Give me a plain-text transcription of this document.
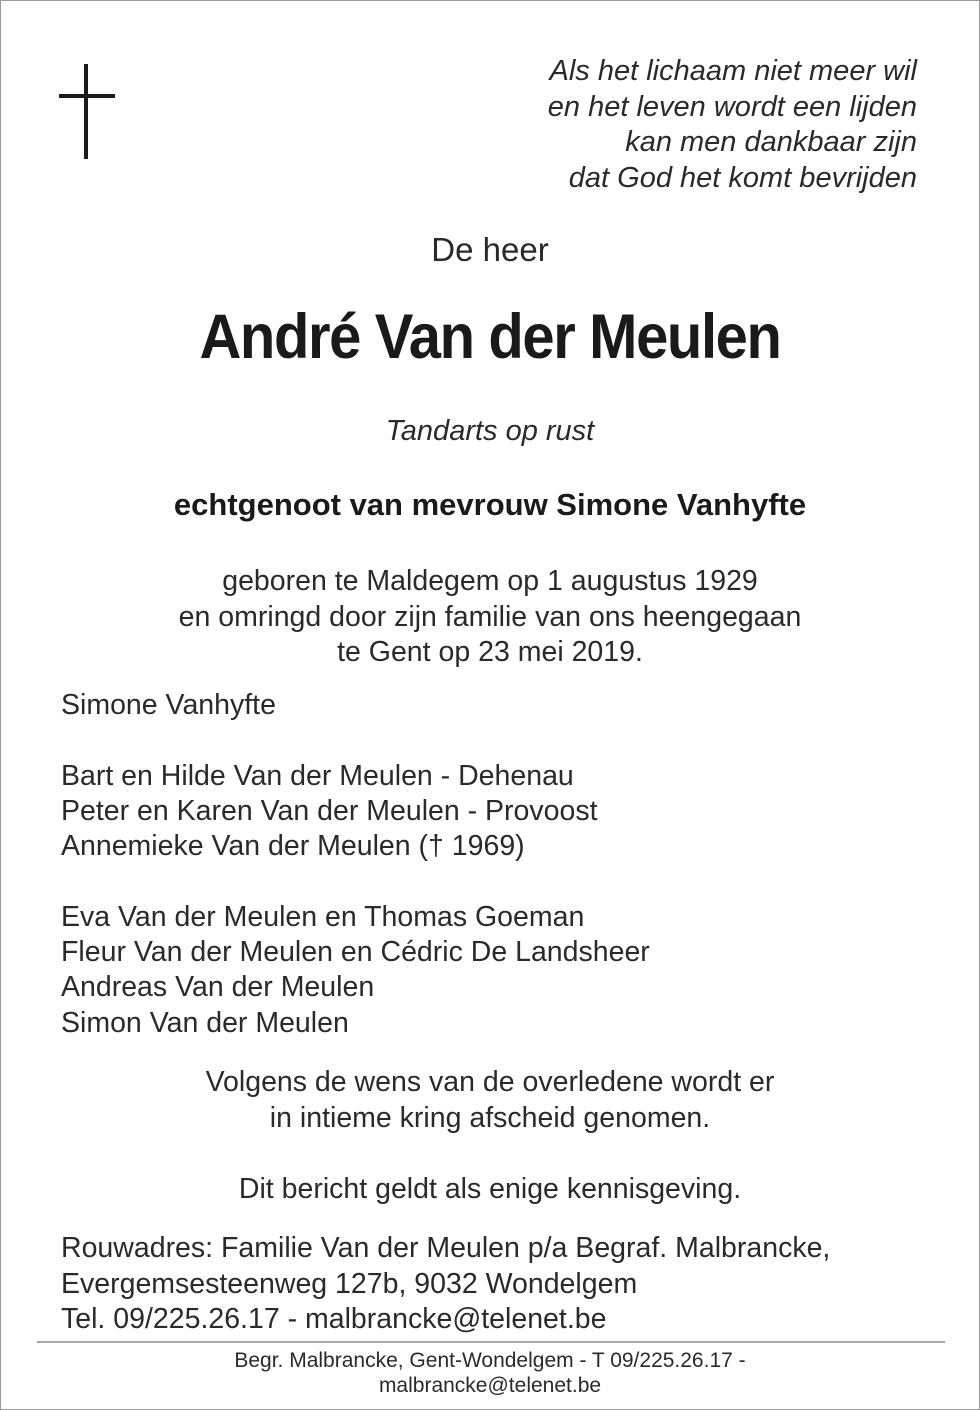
Als het lichaam niet meer wil
en het leven wordt een lijden
kan men dankbaar zijn
dat God het komt bevrijden
De heer
André Van der Meulen
Tandarts op rust
echtgenoot van mevrouw Simone Vanhyfte
geboren te Maldegem op 1 augustus 1929
en omringd door zijn familie van ons heengegaan
te Gent op 23 mei 2019.
Simone Vanhyfte
Bart en Hilde Van der Meulen - Dehenau
Peter en Karen Van der Meulen - Provoost
Annemieke Van der Meulen († 1969)
Eva Van der Meulen en Thomas Goeman
Fleur Van der Meulen en Cédric De Landsheer
Andreas Van der Meulen
Simon Van der Meulen
Volgens de wens van de overledene wordt er
in intieme kring afscheid genomen.
Dit bericht geldt als enige kennisgeving.
Rouwadres: Familie Van der Meulen p/a Begraf. Malbrancke,
Evergemsesteenweg 127b, 9032 Wondelgem
Tel. 09/225.26.17 - malbrancke@telenet.be
Begr. Malbrancke, Gent-Wondelgem - T 09/225.26.17 -
malbrancke@telenet.be
